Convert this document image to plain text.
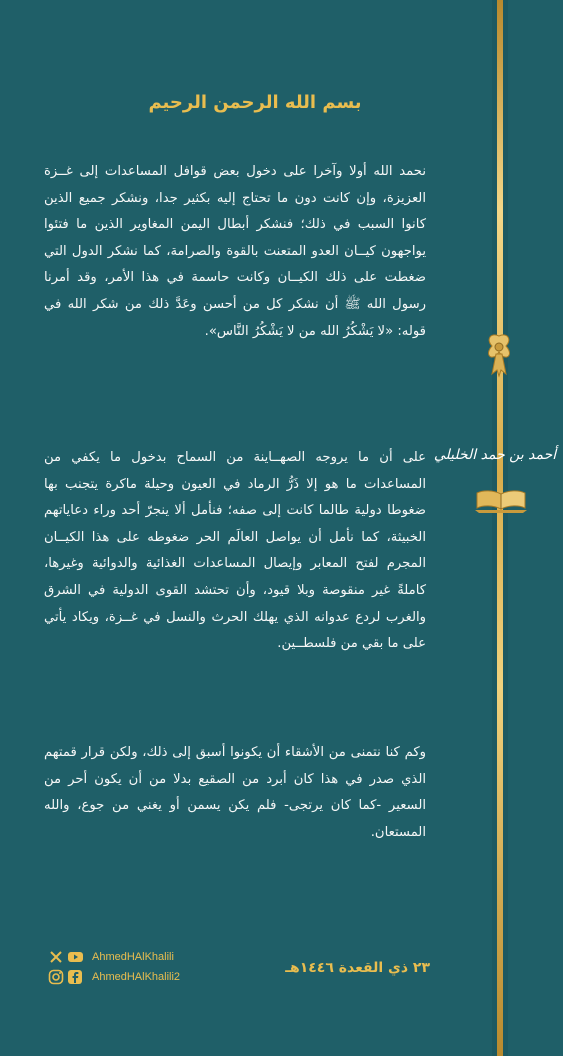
أحمد بن حمد الخليلي
بسم الله الرحمن الرحيم

نحمد الله أولا وآخرا على دخول بعض قوافل المساعدات إلى غــزة العزيزة، وإن كانت دون ما تحتاج إليه بكثير جدا، ونشكر جميع الذين كانوا السبب في ذلك؛ فنشكر أبطال اليمن المغاوير الذين ما فتئوا يواجهون كيــان العدو المتعنت بالقوة والصرامة، كما نشكر الدول التي ضغطت على ذلك الكيــان وكانت حاسمة في هذا الأمر، وقد أمرنا رسول الله ﷺ أن نشكر كل من أحسن وعَدَّ ذلك من شكر الله في قوله: «لا يَشْكُرُ الله من لا يَشْكُرُ النَّاس».

على أن ما يروجه الصهــاينة من السماح بدخول ما يكفي من المساعدات ما هو إلا ذَرُّ الرماد في العيون وحيلة ماكرة يتجنب بها ضغوطا دولية طالما كانت إلى صفه؛ فنأمل ألا ينجرّ أحد وراء دعاياتهم الخبيثة، كما نأمل أن يواصل العالَم الحر ضغوطه على هذا الكيــان المجرم لفتح المعابر وإيصال المساعدات الغذائية والدوائية وغيرها، كاملةً غير منقوصة وبلا قيود، وأن تحتشد القوى الدولية في الشرق والغرب لردع عدوانه الذي يهلك الحرث والنسل في غــزة، ويكاد يأتي على ما بقي من فلسطــين.

وكم كنا نتمنى من الأشقاء أن يكونوا أسبق إلى ذلك، ولكن قرار قمتهم الذي صدر في هذا كان أبرد من الصقيع بدلا من أن يكون أحر من السعير -كما كان يرتجى- فلم يكن يسمن أو يغني من جوع، والله المستعان.

٢٣ ذي القعدة ١٤٤٦هـ
AhmedHAlKhalili
AhmedHAlKhalili2
